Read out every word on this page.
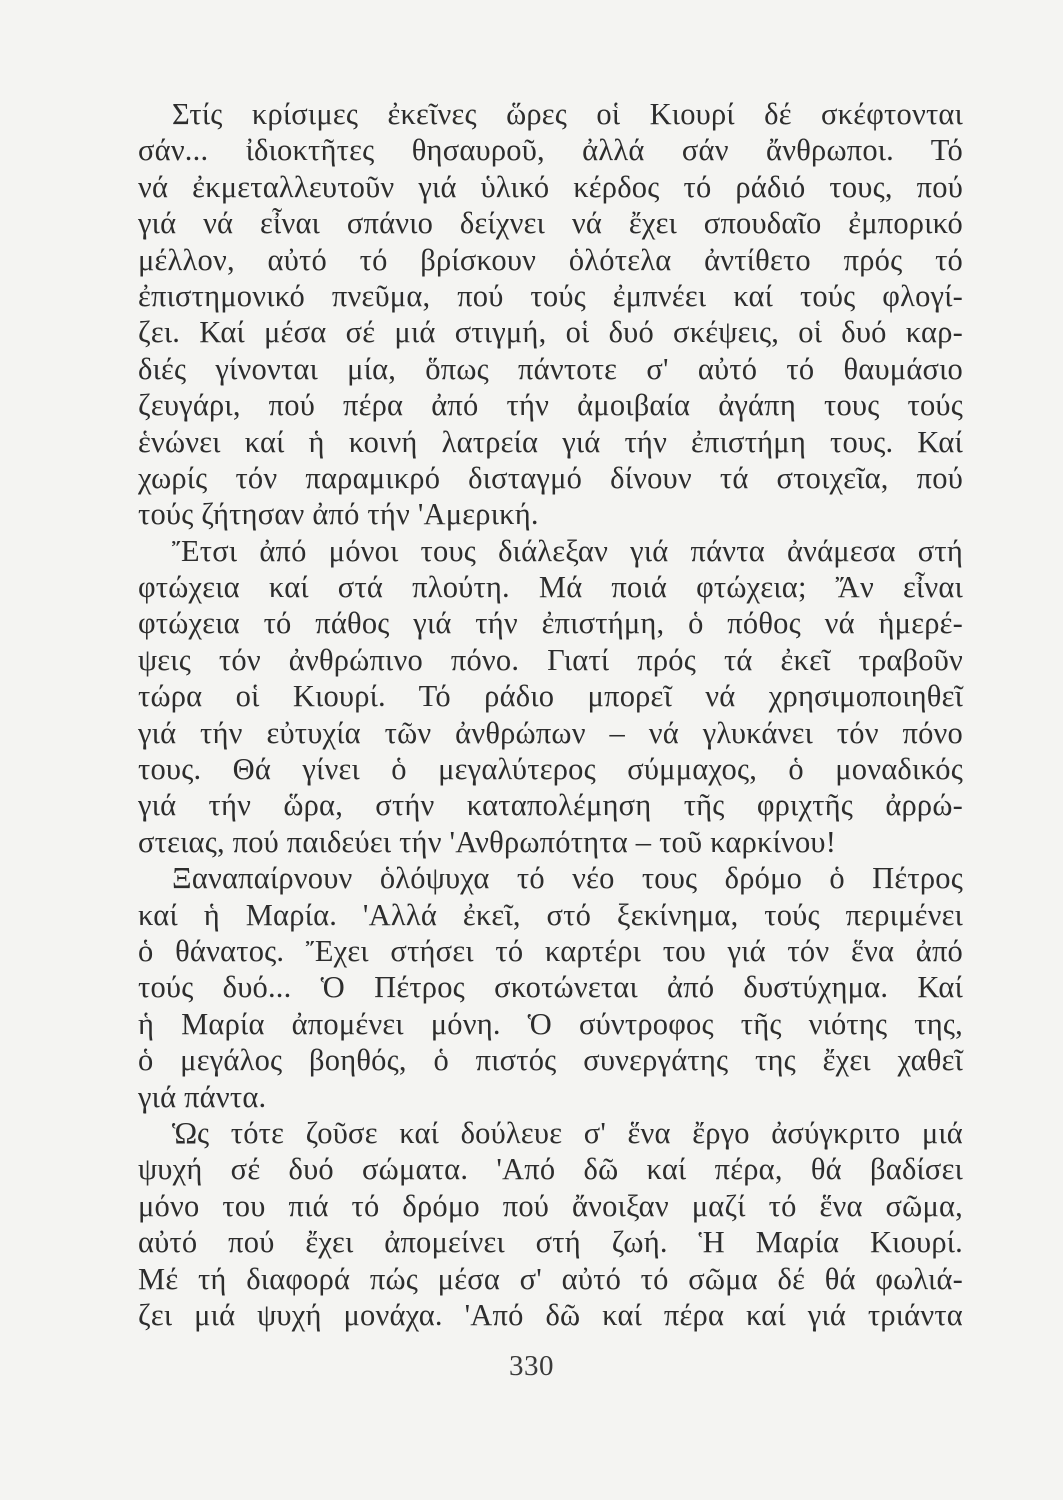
Στίς κρίσιμες ἐκεῖνες ὥρες οἱ Κιουρί δέ σκέφτονται
σάν... ἰδιοκτῆτες θησαυροῦ, ἀλλά σάν ἄνθρωποι. Τό
νά ἐκμεταλλευτοῦν γιά ὑλικό κέρδος τό ράδιό τους, πού
γιά νά εἶναι σπάνιο δείχνει νά ἔχει σπουδαῖο ἐμπορικό
μέλλον, αὐτό τό βρίσκουν ὁλότελα ἀντίθετο πρός τό
ἐπιστημονικό πνεῦμα, πού τούς ἐμπνέει καί τούς φλογί-
ζει. Καί μέσα σέ μιά στιγμή, οἱ δυό σκέψεις, οἱ δυό καρ-
διές γίνονται μία, ὅπως πάντοτε σ' αὐτό τό θαυμάσιο
ζευγάρι, πού πέρα ἀπό τήν ἀμοιβαία ἀγάπη τους τούς
ἑνώνει καί ἡ κοινή λατρεία γιά τήν ἐπιστήμη τους. Καί
χωρίς τόν παραμικρό δισταγμό δίνουν τά στοιχεῖα, πού
τούς ζήτησαν ἀπό τήν 'Αμερική.
Ἔτσι ἀπό μόνοι τους διάλεξαν γιά πάντα ἀνάμεσα στή
φτώχεια καί στά πλούτη. Μά ποιά φτώχεια; Ἄν εἶναι
φτώχεια τό πάθος γιά τήν ἐπιστήμη, ὁ πόθος νά ἡμερέ-
ψεις τόν ἀνθρώπινο πόνο. Γιατί πρός τά ἐκεῖ τραβοῦν
τώρα οἱ Κιουρί. Τό ράδιο μπορεῖ νά χρησιμοποιηθεῖ
γιά τήν εὐτυχία τῶν ἀνθρώπων – νά γλυκάνει τόν πόνο
τους. Θά γίνει ὁ μεγαλύτερος σύμμαχος, ὁ μοναδικός
γιά τήν ὥρα, στήν καταπολέμηση τῆς φριχτῆς ἀρρώ-
στειας, πού παιδεύει τήν 'Ανθρωπότητα – τοῦ καρκίνου!
Ξαναπαίρνουν ὁλόψυχα τό νέο τους δρόμο ὁ Πέτρος
καί ἡ Μαρία. 'Αλλά ἐκεῖ, στό ξεκίνημα, τούς περιμένει
ὁ θάνατος. Ἔχει στήσει τό καρτέρι του γιά τόν ἕνα ἀπό
τούς δυό... Ὁ Πέτρος σκοτώνεται ἀπό δυστύχημα. Καί
ἡ Μαρία ἀπομένει μόνη. Ὁ σύντροφος τῆς νιότης της,
ὁ μεγάλος βοηθός, ὁ πιστός συνεργάτης της ἔχει χαθεῖ
γιά πάντα.
Ὡς τότε ζοῦσε καί δούλευε σ' ἕνα ἔργο ἀσύγκριτο μιά
ψυχή σέ δυό σώματα. 'Από δῶ καί πέρα, θά βαδίσει
μόνο του πιά τό δρόμο πού ἄνοιξαν μαζί τό ἕνα σῶμα,
αὐτό πού ἔχει ἀπομείνει στή ζωή. Ἡ Μαρία Κιουρί.
Μέ τή διαφορά πώς μέσα σ' αὐτό τό σῶμα δέ θά φωλιά-
ζει μιά ψυχή μονάχα. 'Από δῶ καί πέρα καί γιά τριάντα
330
